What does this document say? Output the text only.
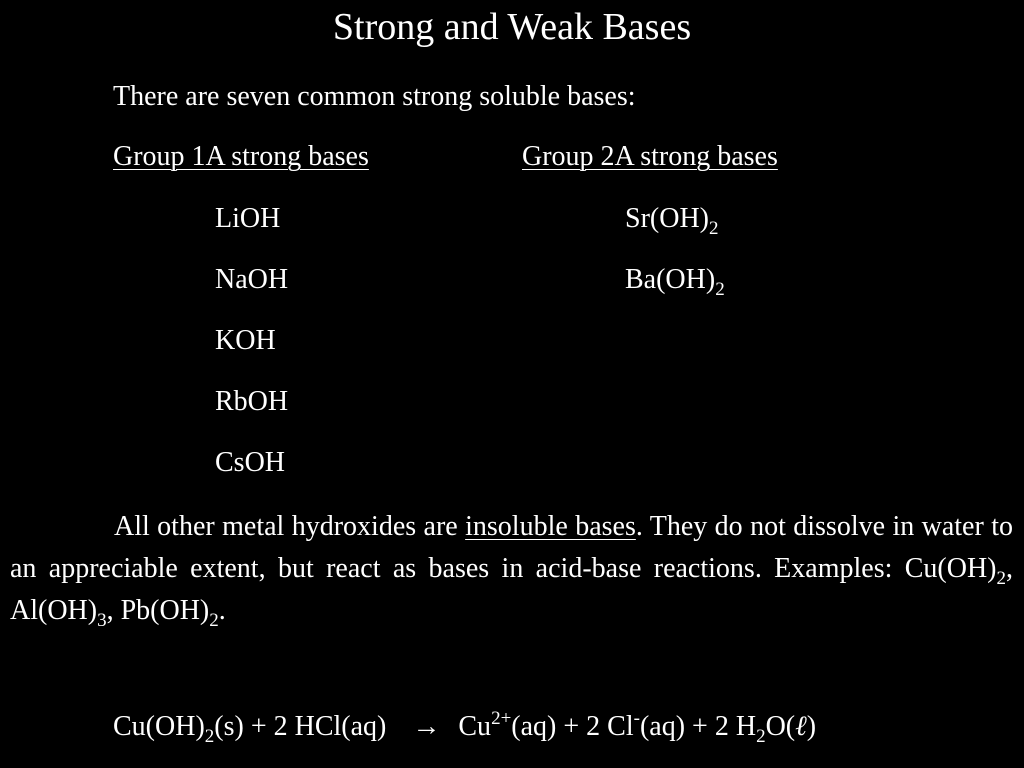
Strong and Weak Bases
There are seven common strong soluble bases:
Group 1A strong bases	Group 2A strong bases
LiOH
NaOH
KOH
RbOH
CsOH
$Sr(OH)_2$
$Ba(OH)_2$
All other metal hydroxides are insoluble bases. They do not dissolve in water to an appreciable extent, but react as bases in acid-base reactions. Examples: $Cu(OH)_2$, $Al(OH)_3$, $Pb(OH)_2$.
$Cu(OH)_2(s) + 2$ $HCl(aq) \to Cu^{2+}(aq) + 2$ Cl-(aq) + 2 $H_2O(\ell)$
